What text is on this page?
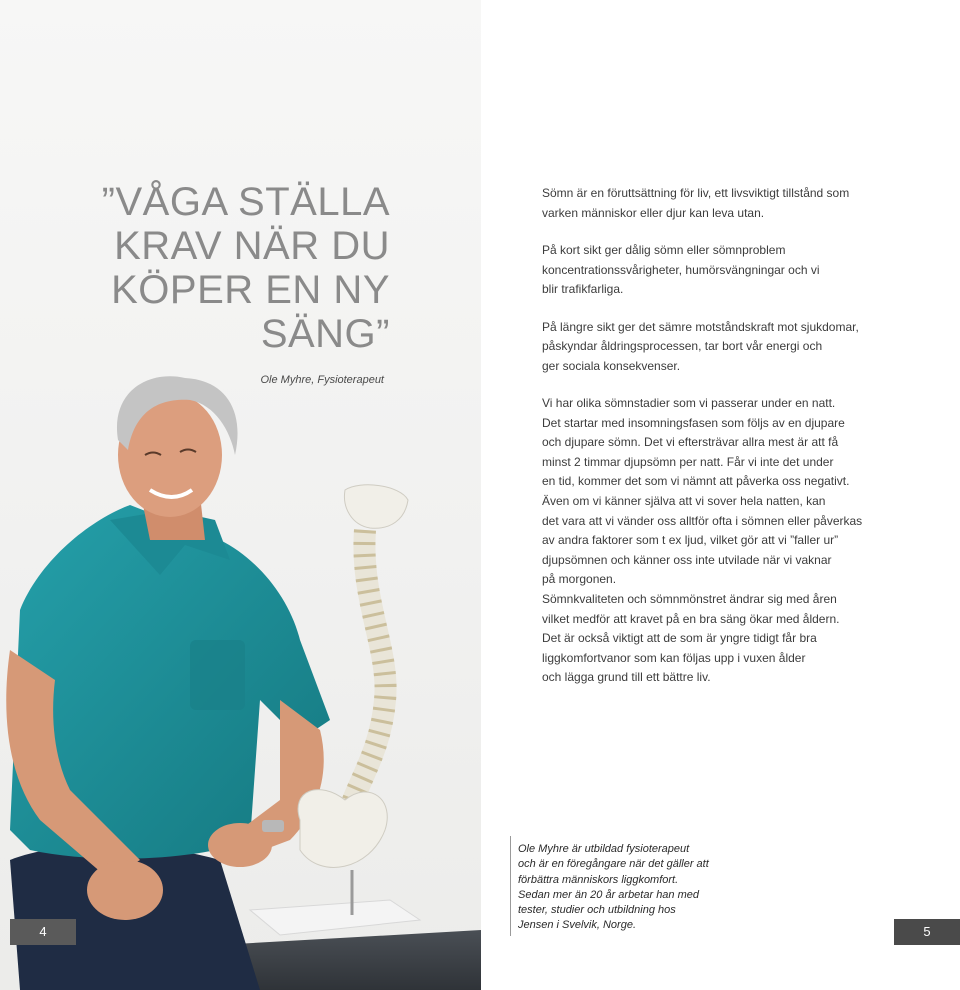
”VÅGA STÄLLA
KRAV NÄR DU
KÖPER EN NY
SÄNG”
Ole Myhre, Fysioterapeut
4

Sömn är en föruttsättning för liv, ett livsviktigt tillstånd som
varken människor eller djur kan leva utan.

På kort sikt ger dålig sömn eller sömnproblem
koncentrationssvårigheter, humörsvängningar och vi
blir trafikfarliga.

På längre sikt ger det sämre motståndskraft mot sjukdomar,
påskyndar åldringsprocessen, tar bort vår energi och
ger sociala konsekvenser.

Vi har olika sömnstadier som vi passerar under en natt.
Det startar med insomningsfasen som följs av en djupare
och djupare sömn. Det vi eftersträvar allra mest är att få
minst 2 timmar djupsömn per natt. Får vi inte det under
en tid, kommer det som vi nämnt att påverka oss negativt.
Även om vi känner själva att vi sover hela natten, kan
det vara att vi vänder oss alltför ofta i sömnen eller påverkas
av andra faktorer som t ex ljud, vilket gör att vi ”faller ur”
djupsömnen och känner oss inte utvilade när vi vaknar
på morgonen.
Sömnkvaliteten och sömnmönstret ändrar sig med åren
vilket medför att kravet på en bra säng ökar med åldern.
Det är också viktigt att de som är yngre tidigt får bra
liggkomfortvanor som kan följas upp i vuxen ålder
och lägga grund till ett bättre liv.
Ole Myhre är utbildad fysioterapeut
och är en föregångare när det gäller att
förbättra människors liggkomfort.
Sedan mer än 20 år arbetar han med
tester, studier och utbildning hos
Jensen i Svelvik, Norge.	5
